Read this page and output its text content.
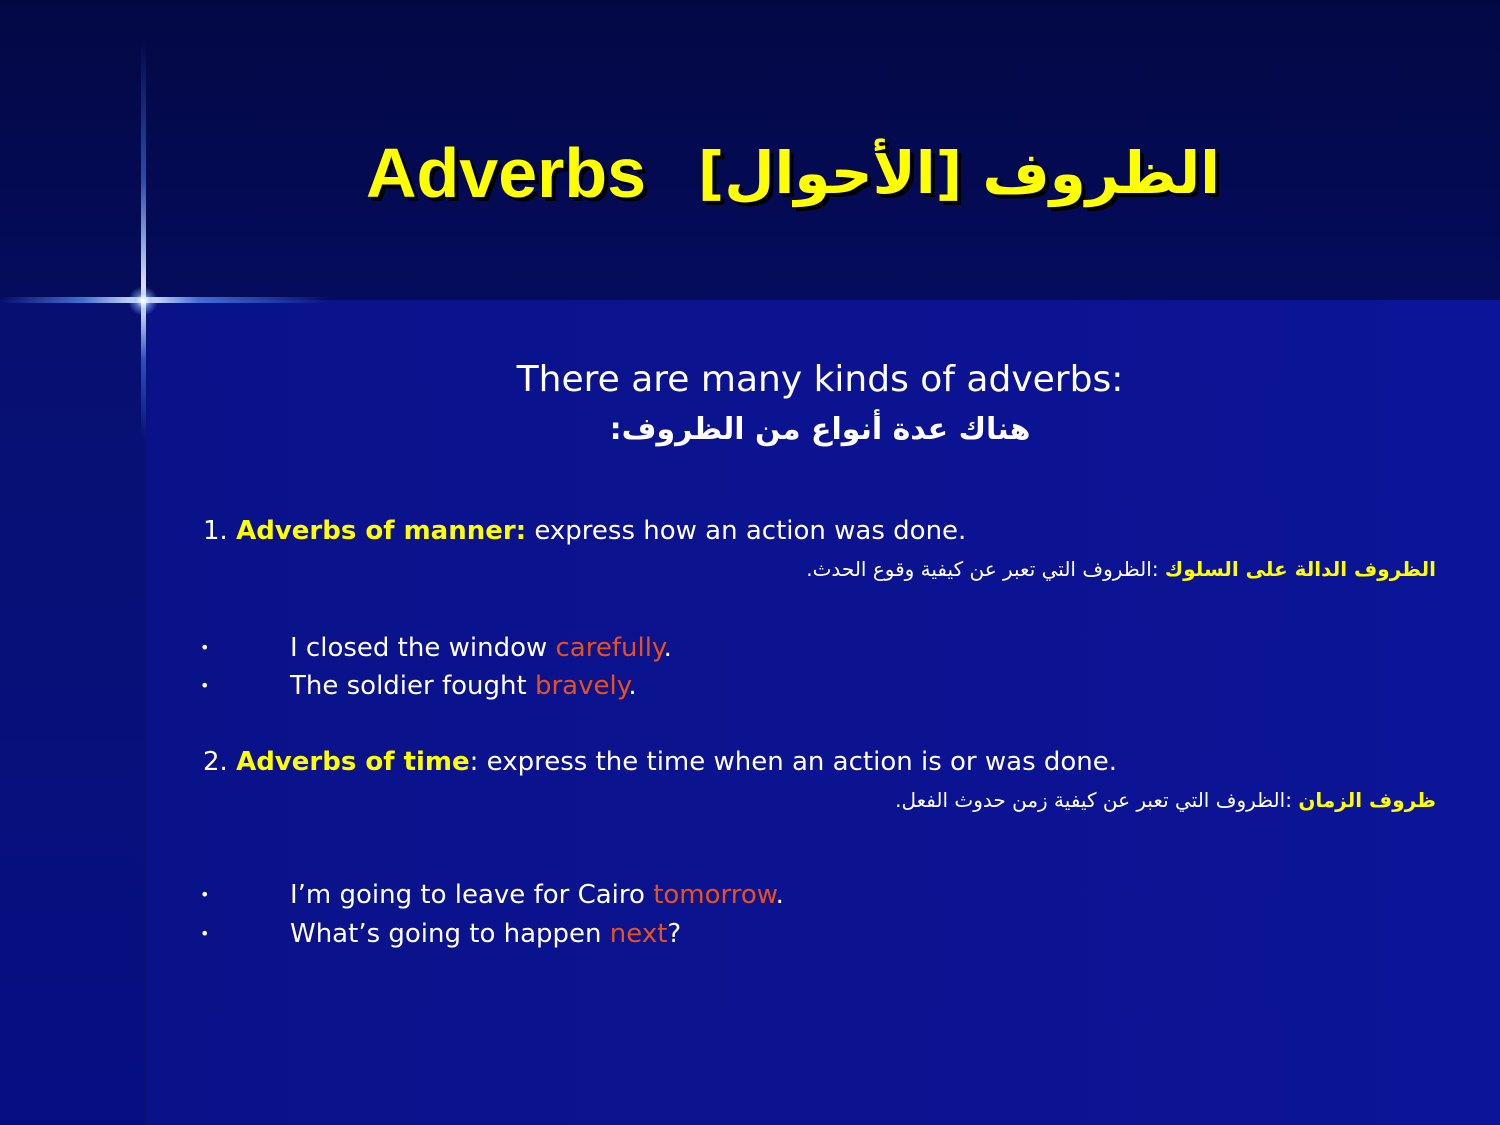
Adverbs الظروف [الأحوال]
There are many kinds of adverbs:
هناك عدة أنواع من الظروف:
1. Adverbs of manner: express how an action was done.
الظروف الدالة على السلوك :الظروف التي تعبر عن كيفية وقوع الحدث.
•	I closed the window carefully.
•	The soldier fought bravely.
2. Adverbs of time: express the time when an action is or was done.
ظروف الزمان :الظروف التي تعبر عن كيفية زمن حدوث الفعل.
•	I’m going to leave for Cairo tomorrow.
•	What’s going to happen next?
